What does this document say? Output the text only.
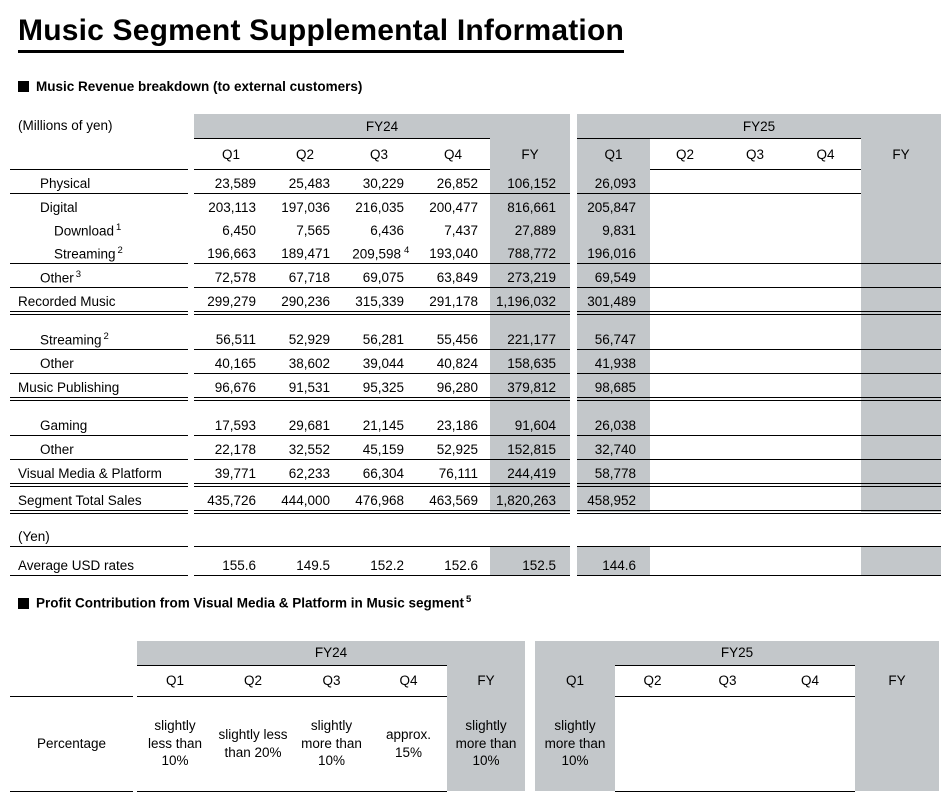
Music Segment Supplemental Information
Music Revenue breakdown (to external customers)
(Millions of yen)		FY24						FY25				
		Q1	Q2	Q3	Q4	FY		Q1	Q2	Q3	Q4	FY
Physical		23,589	25,483	30,229	26,852	106,152		26,093				
Digital		203,113	197,036	216,035	200,477	816,661		205,847				
Download $^1$		6,450	7,565	6,436	7,437	27,889		9,831				
Streaming $^2$		196,663	189,471	209,598 $^4$	193,040	788,772		196,016				
Other $^3$		72,578	67,718	69,075	63,849	273,219		69,549				
Recorded Music		299,279	290,236	315,339	291,178	1,196,032		301,489				

Streaming $^2$		56,511	52,929	56,281	55,456	221,177		56,747				
Other		40,165	38,602	39,044	40,824	158,635		41,938				
Music Publishing		96,676	91,531	95,325	96,280	379,812		98,685				

Gaming		17,593	29,681	21,145	23,186	91,604		26,038				
Other		22,178	32,552	45,159	52,925	152,815		32,740				
Visual Media & Platform		39,771	62,233	66,304	76,111	244,419		58,778				
Segment Total Sales		435,726	444,000	476,968	463,569	1,820,263		458,952				
(Yen)										
Average USD rates		155.6	149.5	152.2	152.6	152.5		144.6		
Profit Contribution from Visual Media & Platform in Music segment $^5$
		FY24						FY25				
		Q1	Q2	Q3	Q4	FY		Q1	Q2	Q3	Q4	FY
Percentage		slightly less than 10%	slightly less than 20%	slightly more than 10%	approx. 15%	slightly more than 10%		slightly more than 10%				
